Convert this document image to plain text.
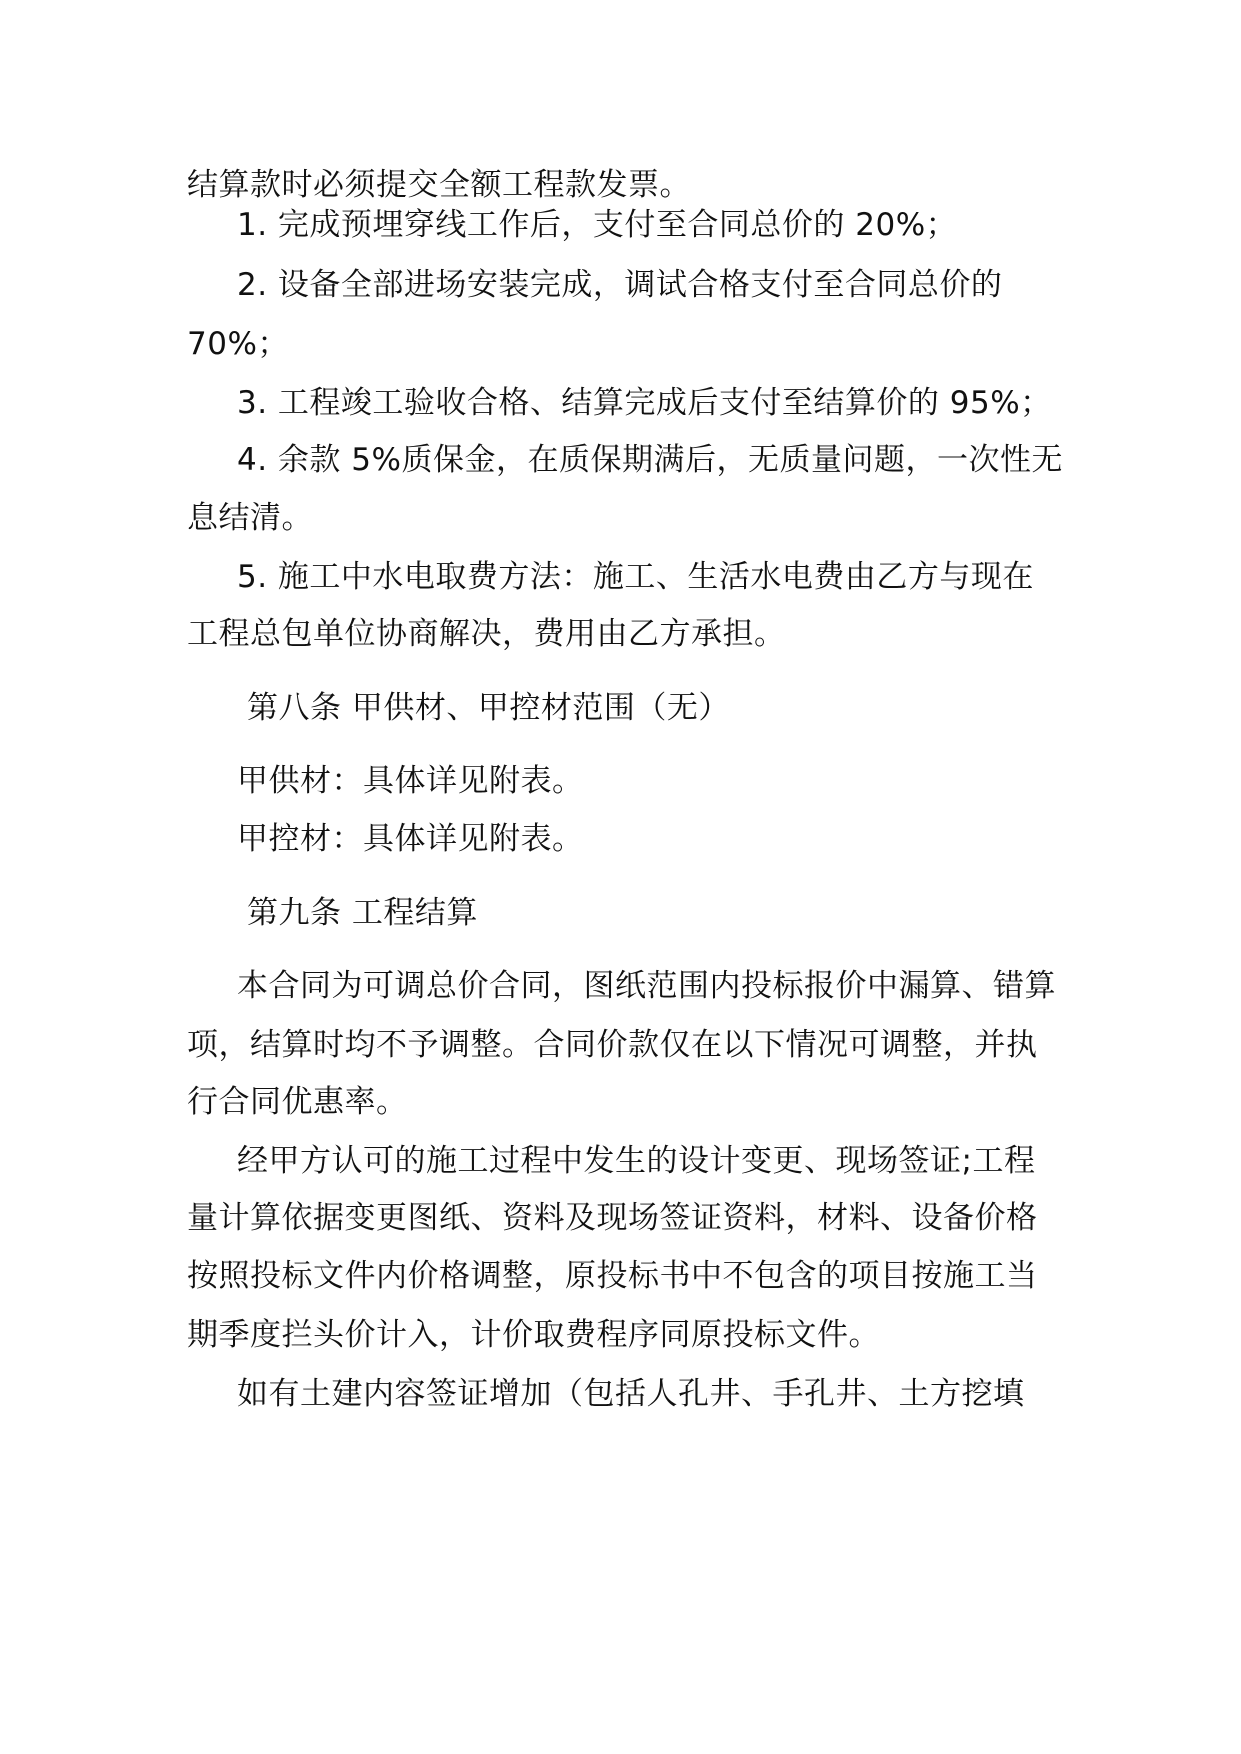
结算款时必须提交全额工程款发票。
1. 完成预埋穿线工作后，支付至合同总价的 20%；
2. 设备全部进场安装完成，调试合格支付至合同总价的
70%；
3. 工程竣工验收合格、结算完成后支付至结算价的 95%；
4. 余款 5%质保金，在质保期满后，无质量问题，一次性无
息结清。
5. 施工中水电取费方法：施工、生活水电费由乙方与现在
工程总包单位协商解决，费用由乙方承担。
第八条 甲供材、甲控材范围（无）
甲供材：具体详见附表。
甲控材：具体详见附表。
第九条 工程结算
本合同为可调总价合同，图纸范围内投标报价中漏算、错算
项，结算时均不予调整。合同价款仅在以下情况可调整，并执
行合同优惠率。
经甲方认可的施工过程中发生的设计变更、现场签证;工程
量计算依据变更图纸、资料及现场签证资料，材料、设备价格
按照投标文件内价格调整，原投标书中不包含的项目按施工当
期季度拦头价计入，计价取费程序同原投标文件。
如有土建内容签证增加（包括人孔井、手孔井、土方挖填
